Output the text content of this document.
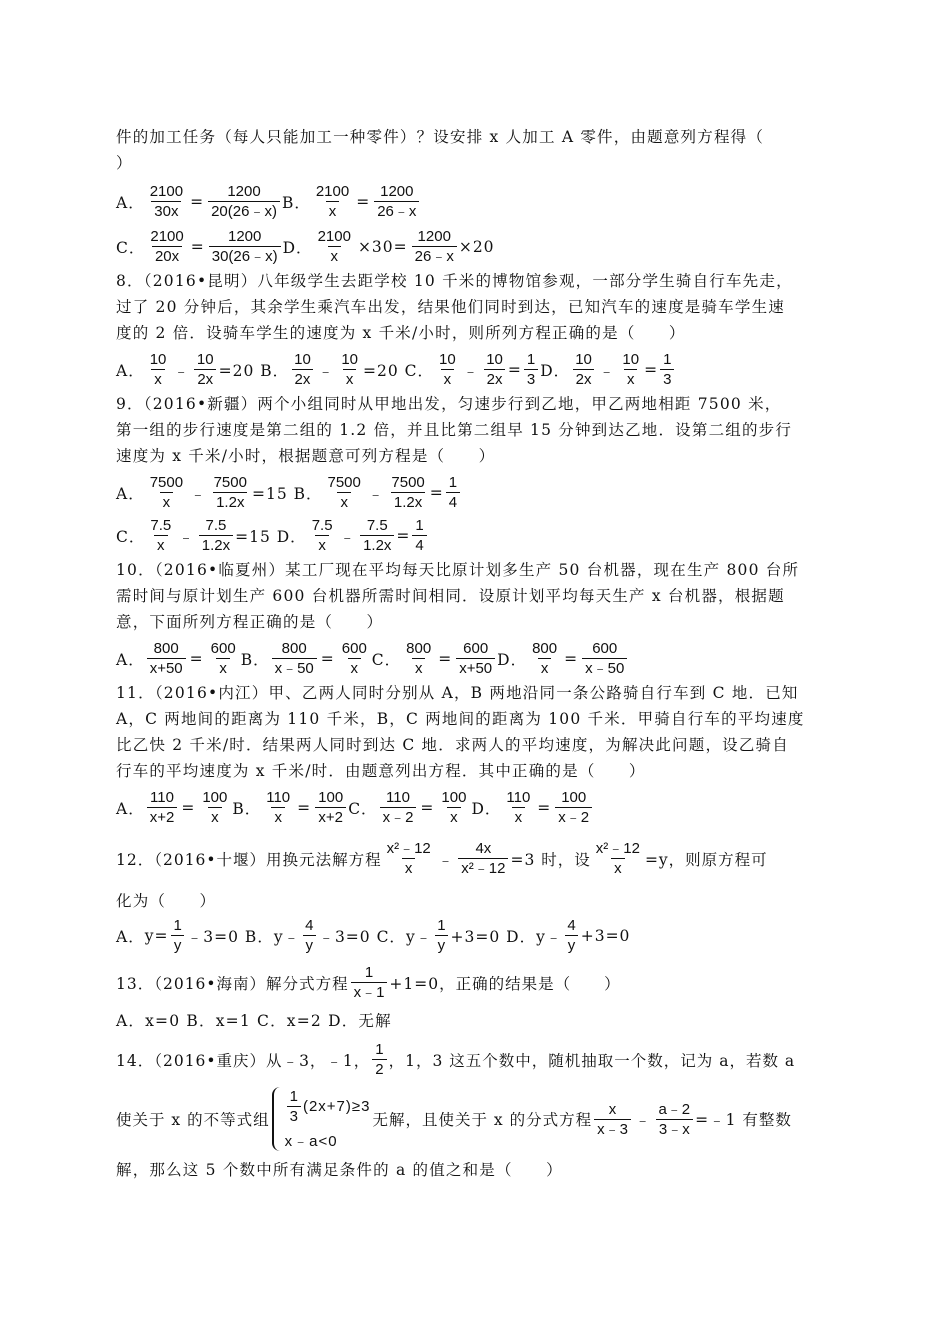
件的加工任务（每人只能加工一种零件）？设安排 x 人加工 A 零件，由题意列方程得（
）
A． $\frac{2100}{30x} = \frac{1200}{20(26﹣x)}$ B． $\frac{2100}{x} = \frac{1200}{26﹣x}$
C． $\frac{2100}{20x} = \frac{1200}{30(26﹣x)}$ D． $\frac{2100}{x} \times 30= \frac{1200}{26﹣x} \times 20$
8．（2016•昆明）八年级学生去距学校 10 千米的博物馆参观，一部分学生骑自行车先走，
过了 20 分钟后，其余学生乘汽车出发，结果他们同时到达，已知汽车的速度是骑车学生速
度的 2 倍．设骑车学生的速度为 x 千米/小时，则所列方程正确的是（　　）
A． $\frac{10}{x}$ ﹣ $\frac{10}{2x} =20$ B． $\frac{10}{2x}$ ﹣ $\frac{10}{x} =20$ C． $\frac{10}{x}$ ﹣ $\frac{10}{2x} = \frac{1}{3}$ D． $\frac{10}{2x}$ ﹣ $\frac{10}{x} = \frac{1}{3}$
9．（2016•新疆）两个小组同时从甲地出发，匀速步行到乙地，甲乙两地相距 7500 米，
第一组的步行速度是第二组的 1.2 倍，并且比第二组早 15 分钟到达乙地．设第二组的步行
速度为 x 千米/小时，根据题意可列方程是（　　）
A． $\frac{7500}{x}$ ﹣ $\frac{7500}{1.2x} =15$ B． $\frac{7500}{x}$ ﹣ $\frac{7500}{1.2x} = \frac{1}{4}$
C． $\frac{7.5}{x}$ ﹣ $\frac{7.5}{1.2x} =15$ D． $\frac{7.5}{x}$ ﹣ $\frac{7.5}{1.2x} = \frac{1}{4}$
10．（2016•临夏州）某工厂现在平均每天比原计划多生产 50 台机器，现在生产 800 台所
需时间与原计划生产 600 台机器所需时间相同．设原计划平均每天生产 x 台机器，根据题
意，下面所列方程正确的是（　　）
A． $\frac{800}{x+50} = \frac{600}{x}$ B． $\frac{800}{x﹣50} = \frac{600}{x}$ C． $\frac{800}{x} = \frac{600}{x+50}$ D． $\frac{800}{x} = \frac{600}{x﹣50}$
11．（2016•内江）甲、乙两人同时分别从 A，B 两地沿同一条公路骑自行车到 C 地．已知
A，C 两地间的距离为 110 千米，B，C 两地间的距离为 100 千米．甲骑自行车的平均速度
比乙快 2 千米/时．结果两人同时到达 C 地．求两人的平均速度，为解决此问题，设乙骑自
行车的平均速度为 x 千米/时．由题意列出方程．其中正确的是（　　）
A． $\frac{110}{x+2} = \frac{100}{x}$ B． $\frac{110}{x} = \frac{100}{x+2}$ C． $\frac{110}{x﹣2} = \frac{100}{x}$ D． $\frac{110}{x} = \frac{100}{x﹣2}$
12．（2016•十堰）用换元法解方程 $\frac{\text{x²﹣12}}{x}$ ﹣ $\frac{4x}{\text{x²﹣12}} =3$ 时，设 $\frac{\text{x²﹣12}}{x} =y$，则原方程可
化为（　　）
A． $y= \frac{1}{y}$ ﹣3=0 B． y﹣ $\frac{4}{y}$ ﹣3=0 C． y﹣ $\frac{1}{y} +3=0$ D． y﹣ $\frac{4}{y} +3=0$
13．（2016•海南）解分式方程 $\frac{1}{x﹣1} +1=0$，正确的结果是（　　）
A．x=0 B．x=1 C．x=2 D．无解
14．（2016•重庆）从﹣3，﹣1， $\frac{1}{2}$ ，1，3 这五个数中，随机抽取一个数，记为 a，若数 a
使关于 x 的不等式组 $\frac{1}{3} (2x+7)\ge 3$
x﹣a<0
无解，且使关于 x 的分式方程 $\frac{x}{x﹣3}$ ﹣ $\frac{a﹣2}{3﹣x}$ =﹣1 有整数
解，那么这 5 个数中所有满足条件的 a 的值之和是（　　）
